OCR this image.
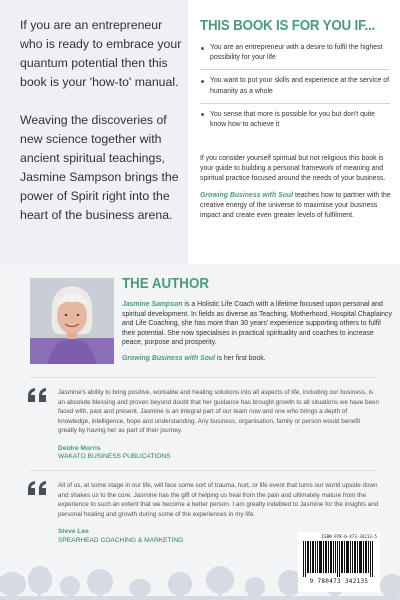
If you are an entrepreneur who is ready to embrace your quantum potential then this book is your 'how-to' manual.

Weaving the discoveries of new science together with ancient spiritual teachings, Jasmine Sampson brings the power of Spirit right into the heart of the business arena.

THIS BOOK IS FOR YOU IF...
You are an entrepreneur with a desire to fulfil the highest possibility for your life
You want to put your skills and experience at the service of humanity as a whole
You sense that more is possible for you but don't quite know how to achieve it
If you consider yourself spiritual but not religious this book is your guide to building a personal framework of meaning and spiritual practice focused around the needs of your business.
Growing Business with Soul teaches how to partner with the creative energy of the universe to maximise your business impact and create even greater levels of fulfilment.
THE AUTHOR
Jasmine Sampson is a Holistic Life Coach with a lifetime focused upon personal and spiritual development. In fields as diverse as Teaching, Motherhood, Hospital Chaplaincy and Life Coaching, she has more than 30 years' experience supporting others to fulfil their potential. She now specialises in practical spirituality and coaches to increase peace, purpose and prosperity.
Growing Business with Soul is her first book.
Jasmine's ability to bring positive, workable and healing solutions into all aspects of life, including our business, is an absolute blessing and proven beyond doubt that her guidance has brought growth to all situations we have been faced with, past and present. Jasmine is an integral part of our team now and one who brings a depth of knowledge, intelligence, hope and understanding. Any business, organisation, family or person would benefit greatly by having her as part of their journey.
Deidre Morris
WAKATO BUSINESS PUBLICATIONS
All of us, at some stage in our life, will face some sort of trauma, hurt, or life event that turns our world upside down and shakes us to the core. Jasmine has the gift of helping us heal from the pain and ultimately mature from the experience to such an extent that we become a better person. I am greatly indebted to Jasmine for the insights and personal healing and growth during some of the experiences in my life.
Steve Lee
SPEARHEAD COACHING & MARKETING
ISBN 978-0-473-34213-5
9 780473 342135
